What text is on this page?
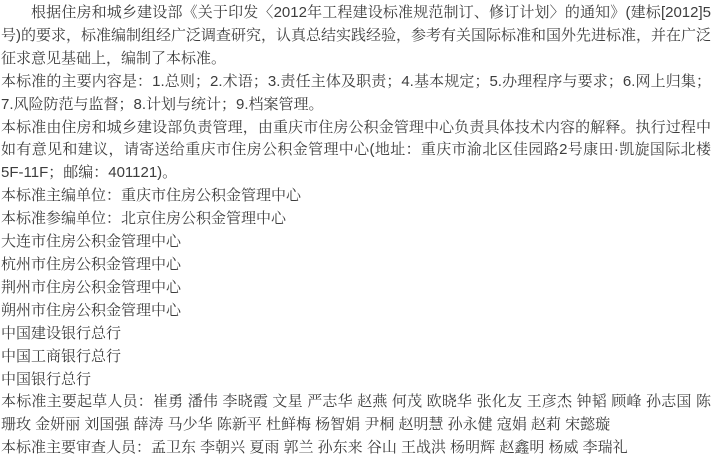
根据住房和城乡建设部《关于印发〈2012年工程建设标准规范制订、修订计划〉的通知》(建标[2012]5号)的要求，标准编制组经广泛调查研究，认真总结实践经验，参考有关国际标准和国外先进标准，并在广泛征求意见基础上，编制了本标准。

本标准的主要内容是：1.总则；2.术语；3.责任主体及职责；4.基本规定；5.办理程序与要求；6.网上归集；7.风险防范与监督；8.计划与统计；9.档案管理。

本标准由住房和城乡建设部负责管理，由重庆市住房公积金管理中心负责具体技术内容的解释。执行过程中如有意见和建议，请寄送给重庆市住房公积金管理中心(地址：重庆市渝北区佳园路2号康田·凯旋国际北楼5F-11F；邮编：401121)。

本标准主编单位：重庆市住房公积金管理中心

本标准参编单位：北京住房公积金管理中心

大连市住房公积金管理中心

杭州市住房公积金管理中心

荆州市住房公积金管理中心

朔州市住房公积金管理中心

中国建设银行总行

中国工商银行总行

中国银行总行

本标准主要起草人员：崔勇 潘伟 李晓霞 文星 严志华 赵燕 何茂 欧晓华 张化友 王彦杰 钟韬 顾峰 孙志国 陈珊玫 金妍丽 刘国强 薛涛 马少华 陈新平 杜鲜梅 杨智娟 尹桐 赵明慧 孙永健 寇娟 赵莉 宋懿璇

本标准主要审查人员：孟卫东 李朝兴 夏雨 郭兰 孙东来 谷山 王战洪 杨明辉 赵鑫明 杨威 李瑞礼
